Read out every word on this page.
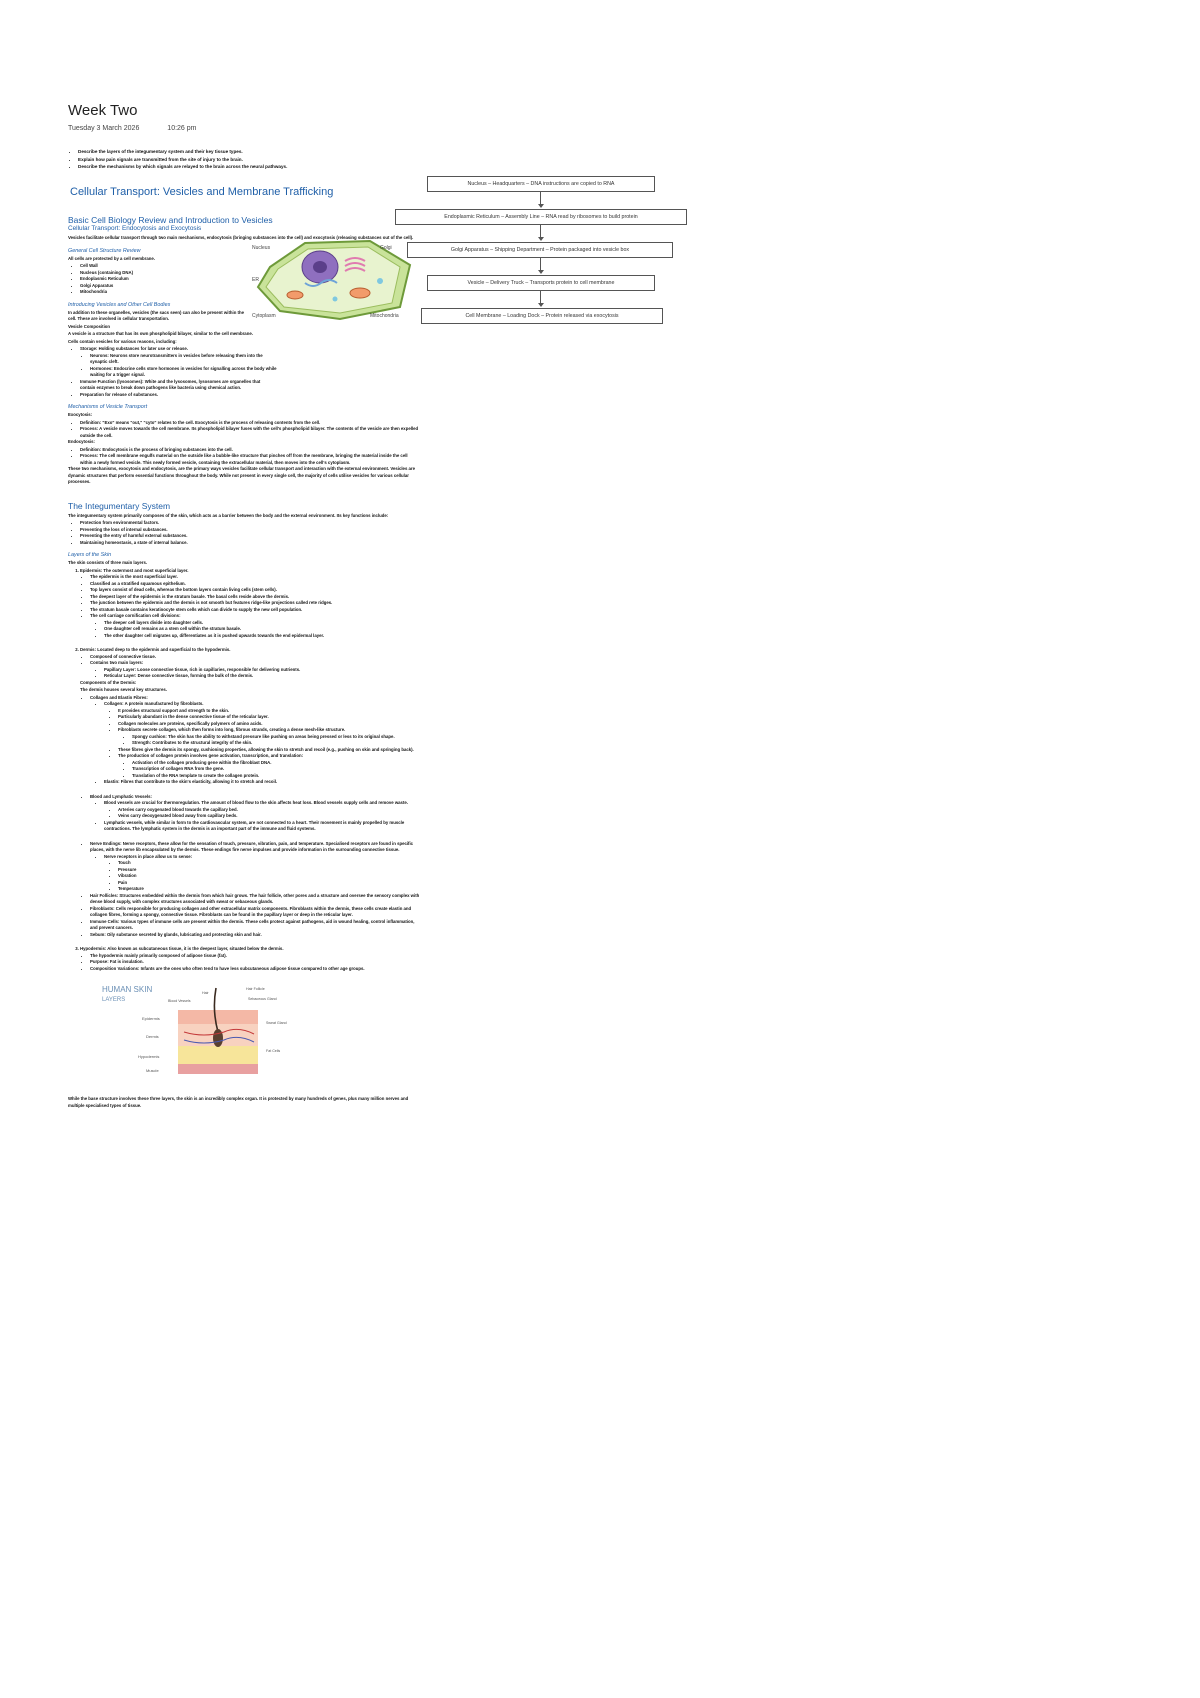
Week Two
Tuesday 3 March 2026	10:26 pm
• Describe the layers of the integumentary system and their key tissue types.
• Explain how pain signals are transmitted from the site of injury to the brain.
• Describe the mechanisms by which signals are relayed to the brain across the neural pathways.
Cellular Transport: Vesicles and Membrane Trafficking
Basic Cell Biology Review and Introduction to Vesicles
Cellular Transport: Endocytosis and Exocytosis

Vesicles facilitate cellular transport through two main mechanisms, endocytosis (bringing substances into the cell) and exocytosis (releasing substances out of the cell).

Nucleus
ER
Golgi
Cytoplasm	Mitochondria
General Cell Structure Review

All cells are protected by a cell membrane.

• Cell Wall
• Nucleus (containing DNA)
• Endoplasmic Reticulum
• Golgi Apparatus
• Mitochondria
Introducing Vesicles and Other Cell Bodies

In addition to these organelles, vesicles (the sacs seen) can also be present within the cell. These are involved in cellular transportation.

Vesicle Composition

A vesicle is a structure that has its own phospholipid bilayer, similar to the cell membrane.

Cells contain vesicles for various reasons, including:

• Storage: Holding substances for later use or release.
• Neurons: Neurons store neurotransmitters in vesicles before releasing them into the synaptic cleft.
• Hormones: Endocrine cells store hormones in vesicles for signalling across the body while waiting for a trigger signal.
• Immune Function (lysosomes): White and the lysosomes, lysosomes are organelles that contain enzymes to break down pathogens like bacteria using chemical action.
• Preparation for release of substances.
Mechanisms of Vesicle Transport

Exocytosis:

• Definition: "Exo" means "out," "cyto" relates to the cell. Exocytosis is the process of releasing contents from the cell.
• Process: A vesicle moves towards the cell membrane. Its phospholipid bilayer fuses with the cell's phospholipid bilayer. The contents of the vesicle are then expelled outside the cell.

Endocytosis:

• Definition: Endocytosis is the process of bringing substances into the cell.
• Process: The cell membrane engulfs material on the outside like a bubble-like structure that pinches off from the membrane, bringing the material inside the cell within a newly formed vesicle. This newly formed vesicle, containing the extracellular material, then moves into the cell's cytoplasm.

These two mechanisms, exocytosis and endocytosis, are the primary ways vesicles facilitate cellular transport and interaction with the external environment. Vesicles are dynamic structures that perform essential functions throughout the body. While not present in every single cell, the majority of cells utilise vesicles for various cellular processes.

The Integumentary System

The integumentary system primarily composes of the skin, which acts as a barrier between the body and the external environment. Its key functions include:

• Protection from environmental factors.
• Preventing the loss of internal substances.
• Preventing the entry of harmful external substances.
• Maintaining homeostasis, a state of internal balance.
Layers of the Skin

The skin consists of three main layers.

1. Epidermis: The outermost and most superficial layer.
• The epidermis is the most superficial layer.
• Classified as a stratified squamous epithelium.
• Top layers consist of dead cells, whereas the bottom layers contain living cells (stem cells).
• The deepest layer of the epidermis is the stratum basale. The basal cells reside above the dermis.
• The junction between the epidermis and the dermis is not smooth but features ridge-like projections called rete ridges.
• The stratum basale contains keratinocyte stem cells which can divide to supply the new cell population.
• The cell carriage cornification cell divisions:
• The deeper cell layers divide into daughter cells.
• One daughter cell remains as a stem cell within the stratum basale.
• The other daughter cell migrates up, differentiates as it is pushed upwards towards the end epidermal layer.
2. Dermis: Located deep to the epidermis and superficial to the hypodermis.
• Composed of connective tissue.
• Contains two main layers:
• Papillary Layer: Loose connective tissue, rich in capillaries, responsible for delivering nutrients.
• Reticular Layer: Dense connective tissue, forming the bulk of the dermis.

Components of the Dermis:

The dermis houses several key structures.

• Collagen and Elastin Fibres:
• Collagen: A protein manufactured by fibroblasts.
• It provides structural support and strength to the skin.
• Particularly abundant in the dense connective tissue of the reticular layer.
• Collagen molecules are proteins, specifically polymers of amino acids.
• Fibroblasts secrete collagen, which then forms into long, fibrous strands, creating a dense mesh-like structure.
• Spongy cushion: The skin has the ability to withstand pressure like pushing on areas being pressed or less to its original shape.
• Strength: Contributes to the structural integrity of the skin.
• These fibres give the dermis its spongy, cushioning properties, allowing the skin to stretch and recoil (e.g., pushing on skin and springing back).
• The production of collagen protein involves gene activation, transcription, and translation:
• Activation of the collagen producing gene within the fibroblast DNA.
• Transcription of collagen RNA from the gene.
• Translation of the RNA template to create the collagen protein.
• Elastin: Fibres that contribute to the skin's elasticity, allowing it to stretch and recoil.
• Blood and Lymphatic Vessels:
• Blood vessels are crucial for thermoregulation. The amount of blood flow to the skin affects heat loss. Blood vessels supply cells and remove waste.
• Arteries carry oxygenated blood towards the capillary bed.
• Veins carry deoxygenated blood away from capillary beds.
• Lymphatic vessels, while similar in form to the cardiovascular system, are not connected to a heart. Their movement is mainly propelled by muscle contractions. The lymphatic system in the dermis is an important part of the immune and fluid systems.
• Nerve Endings: Nerve receptors, these allow for the sensation of touch, pressure, vibration, pain, and temperature. Specialised receptors are found in specific places, with the nerve lib encapsulated by the dermis. These endings fire nerve impulses and provide information in the surrounding connective tissue.
• Nerve receptors in place allow us to sense:
• Touch
• Pressure
• Vibration
• Pain
• Temperature
• Hair Follicles: Structures embedded within the dermis from which hair grows. The hair follicle, other pores and a structure and oversee the sensory complex with dense blood supply, with complex structures associated with sweat or sebaceous glands.
• Fibroblasts: Cells responsible for producing collagen and other extracellular matrix components. Fibroblasts within the dermis, these cells create elastin and collagen fibres, forming a spongy, connective tissue. Fibroblasts can be found in the papillary layer or deep in the reticular layer.
• Immune Cells: Various types of immune cells are present within the dermis. These cells protect against pathogens, aid in wound healing, control inflammation, and prevent cancers.
• Sebum: Oily substance secreted by glands, lubricating and protecting skin and hair.
3. Hypodermis: Also known as subcutaneous tissue, it is the deepest layer, situated below the dermis.
• The hypodermis mainly primarily composed of adipose tissue (fat).
• Purpose: Fat is insulation.
• Composition Variations: Infants are the ones who often tend to have less subcutaneous adipose tissue compared to other age groups.
HUMAN SKIN
LAYERS
Epidermis
Dermis
Hypodermis
Muscle
Blood Vessels
Hair
Hair Follicle
Sweat Gland
Fat Cells
Sebaceous Gland

While the base structure involves these three layers, the skin is an incredibly complex organ. It is protected by many hundreds of genes, plus many million nerves and multiple specialised types of tissue.

Nucleus – Headquarters – DNA instructions are copied to RNA
Endoplasmic Reticulum – Assembly Line – RNA read by ribosomes to build protein
Golgi Apparatus – Shipping Department – Protein packaged into vesicle box
Vesicle – Delivery Truck – Transports protein to cell membrane
Cell Membrane – Loading Dock – Protein released via exocytosis
